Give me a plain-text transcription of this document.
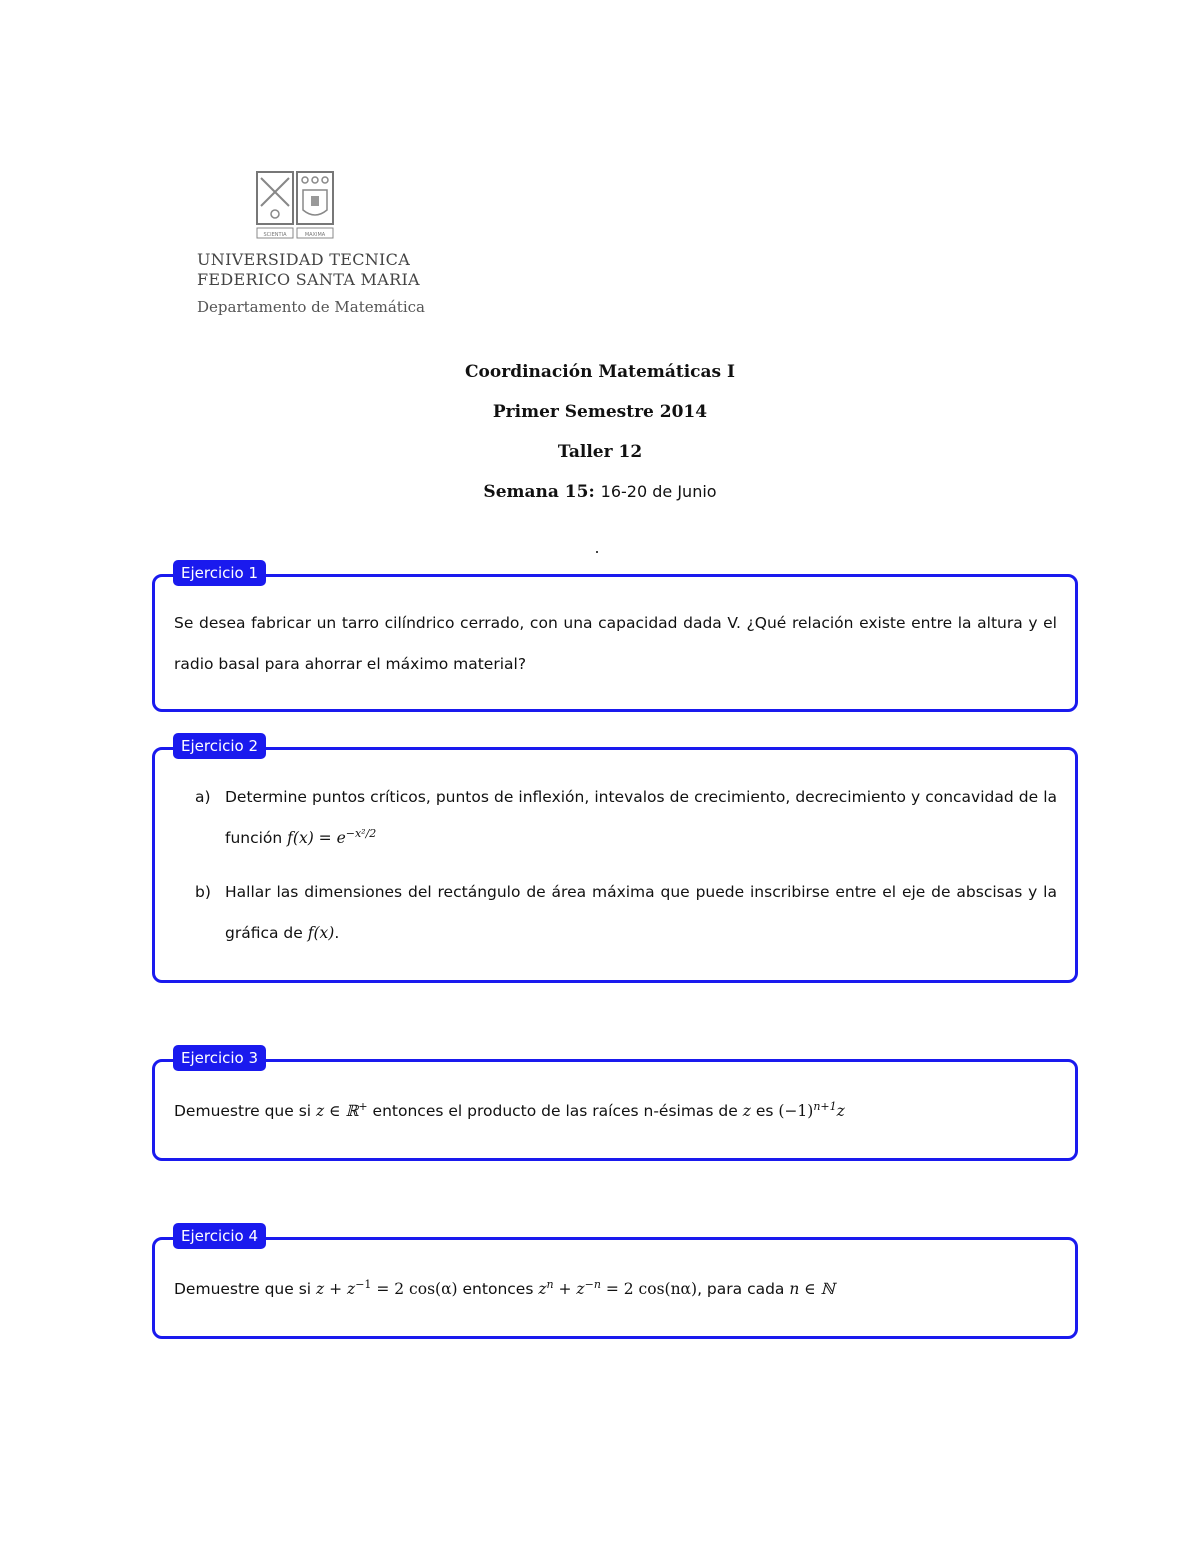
SCIENTIA	MAXIMA
UNIVERSIDAD TECNICA
FEDERICO SANTA MARIA
Departamento de Matemática
Coordinación Matemáticas I
Primer Semestre 2014
Taller 12
Semana 15: 16-20 de Junio
Ejercicio 1
Se desea fabricar un tarro cilíndrico cerrado, con una capacidad dada V. ¿Qué relación existe entre la altura y el radio basal para ahorrar el máximo material?
Ejercicio 2
a) Determine puntos críticos, puntos de inflexión, intevalos de crecimiento, decrecimiento y concavidad de la función $f(x) = e^{-x^2/2}$
b) Hallar las dimensiones del rectángulo de área máxima que puede inscribirse entre el eje de abscisas y la gráfica de f(x).
Ejercicio 3
Demuestre que si z ∈ ℝ+ entonces el producto de las raíces n-ésimas de z es $(-1)^{n+1}z$
Ejercicio 4
Demuestre que si $z + z^{-1} = 2$ cos(α) entonces $z^n + z^{-n} = 2$ cos(nα), para cada n ∈ ℕ
